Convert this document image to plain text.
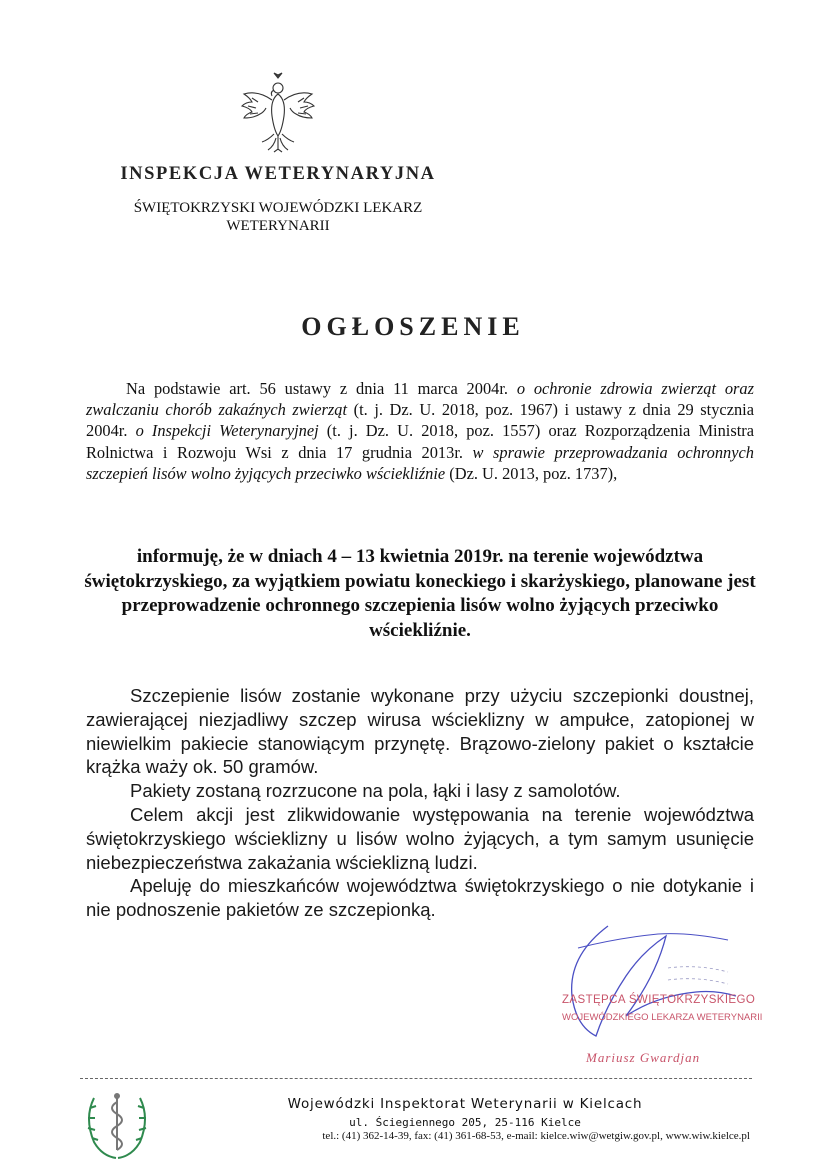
INSPEKCJA WETERYNARYJNA
ŚWIĘTOKRZYSKI WOJEWÓDZKI LEKARZ
WETERYNARII
OGŁOSZENIE

Na podstawie art. 56 ustawy z dnia 11 marca 2004r. o ochronie zdrowia zwierząt oraz zwalczaniu chorób zakaźnych zwierząt (t. j. Dz. U. 2018, poz. 1967) i ustawy z dnia 29 stycznia 2004r. o Inspekcji Weterynaryjnej (t. j. Dz. U. 2018, poz. 1557) oraz Rozporządzenia Ministra Rolnictwa i Rozwoju Wsi z dnia 17 grudnia 2013r. w sprawie przeprowadzania ochronnych szczepień lisów wolno żyjących przeciwko wściekliźnie (Dz. U. 2013, poz. 1737),

informuję, że w dniach 4 – 13 kwietnia 2019r. na terenie województwa świętokrzyskiego, za wyjątkiem powiatu koneckiego i skarżyskiego, planowane jest przeprowadzenie ochronnego szczepienia lisów wolno żyjących przeciwko wściekliźnie.

Szczepienie lisów zostanie wykonane przy użyciu szczepionki doustnej, zawierającej niezjadliwy szczep wirusa wścieklizny w ampułce, zatopionej w niewielkim pakiecie stanowiącym przynętę. Brązowo-zielony pakiet o kształcie krążka waży ok. 50 gramów.

Pakiety zostaną rozrzucone na pola, łąki i lasy z samolotów.

Celem akcji jest zlikwidowanie występowania na terenie województwa świętokrzyskiego wścieklizny u lisów wolno żyjących, a tym samym usunięcie niebezpieczeństwa zakażania wścieklizną ludzi.

Apeluję do mieszkańców województwa świętokrzyskiego o nie dotykanie i nie podnoszenie pakietów ze szczepionką.

ZASTĘPCA ŚWIĘTOKRZYSKIEGO
WOJEWÓDZKIEGO LEKARZA WETERYNARII
Mariusz Gwardjan
Wojewódzki Inspektorat Weterynarii w Kielcach
ul. Ściegiennego 205, 25-116 Kielce
tel.: (41) 362-14-39, fax: (41) 361-68-53, e-mail: kielce.wiw@wetgiw.gov.pl, www.wiw.kielce.pl
